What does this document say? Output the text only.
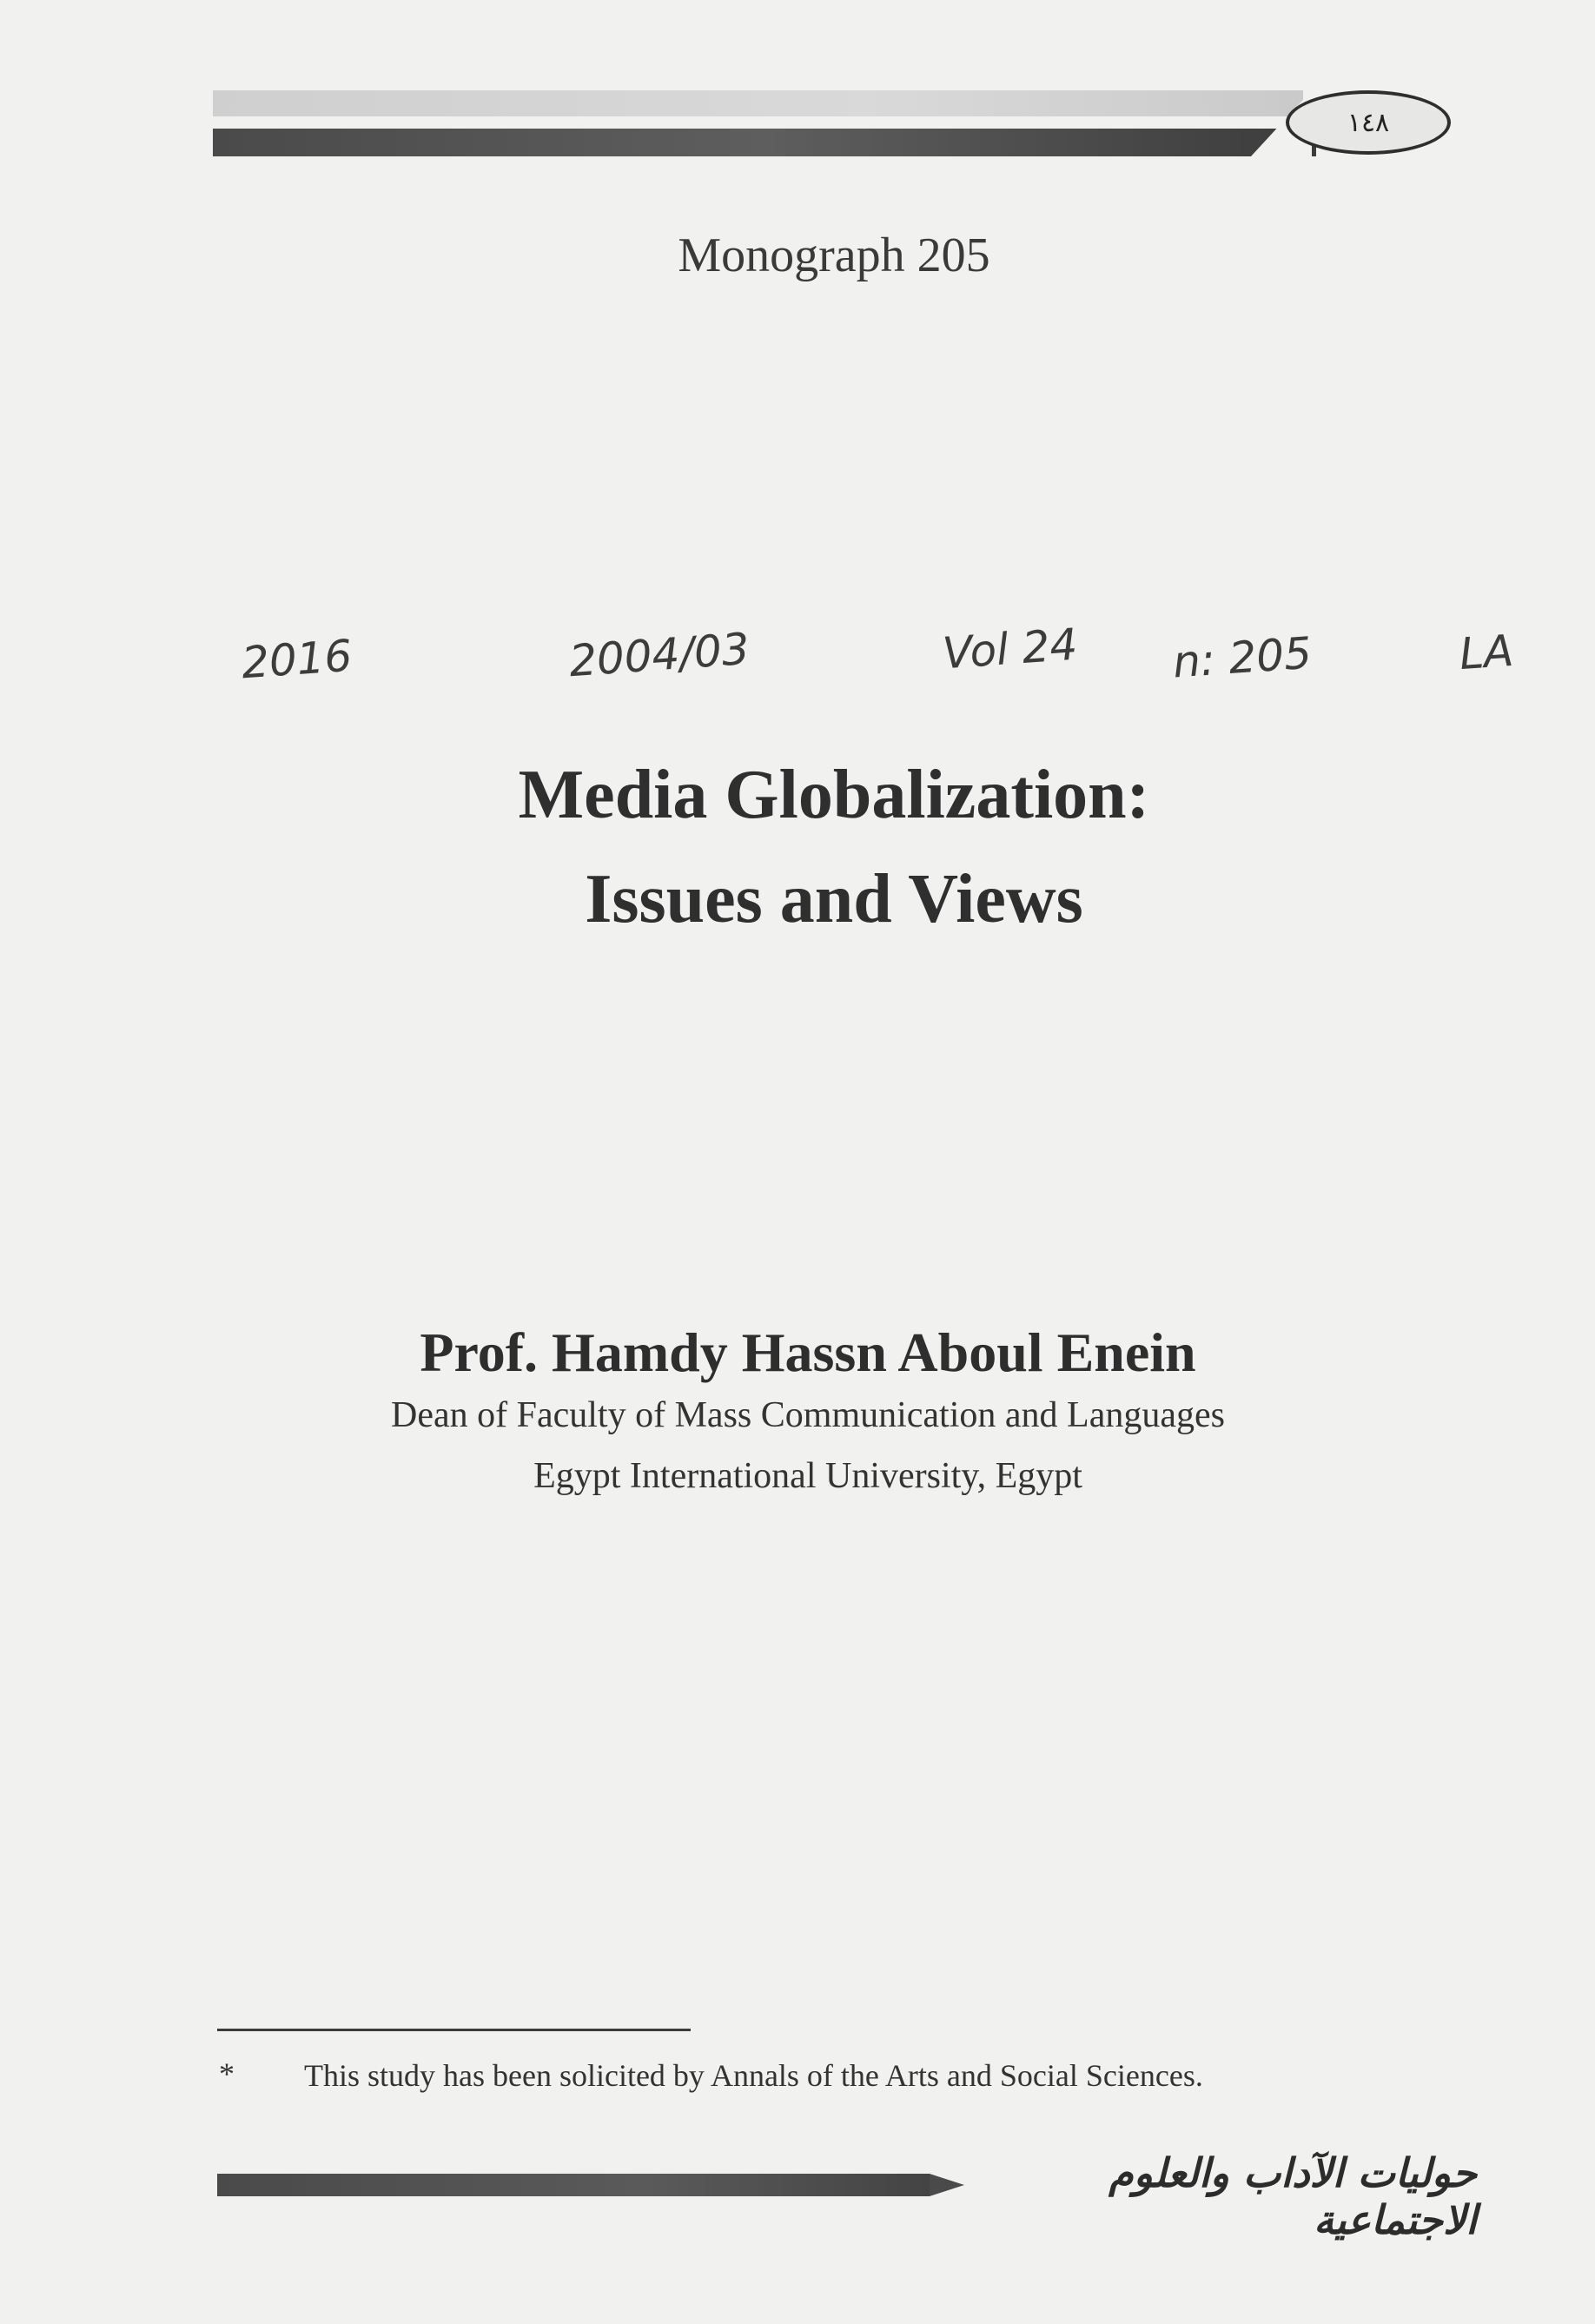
١٤٨
Monograph 205
2016	2004/03	Vol 24 n: 205	LA
Media Globalization:
Issues and Views
Prof. Hamdy Hassn Aboul Enein
Dean of Faculty of Mass Communication and Languages
Egypt International University, Egypt
* This study has been solicited by Annals of the Arts and Social Sciences.
حوليات الآداب والعلوم الاجتماعية
